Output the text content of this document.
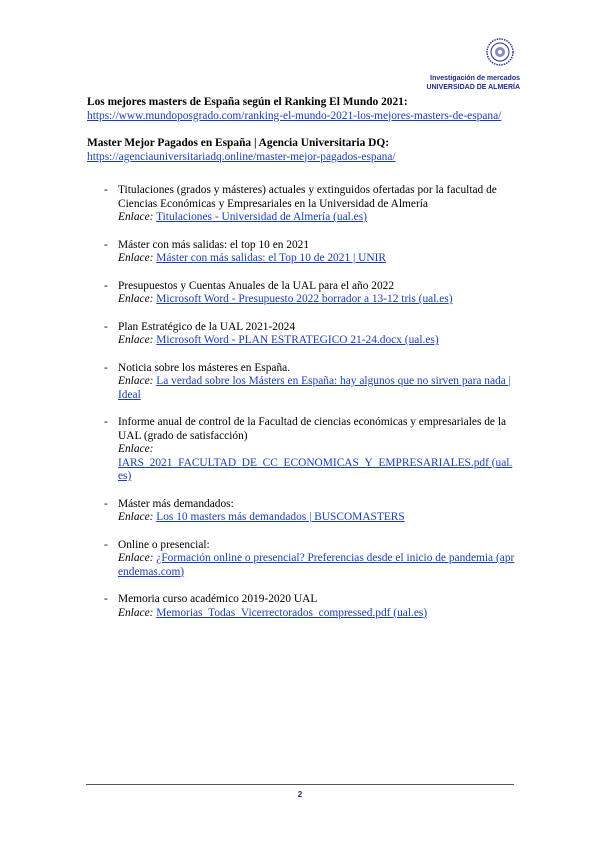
Investigación de mercados
UNIVERSIDAD DE ALMERÍA

Los mejores masters de España según el Ranking El Mundo 2021:

https://www.mundoposgrado.com/ranking-el-mundo-2021-los-mejores-masters-de-espana/

Master Mejor Pagados en España | Agencia Universitaria DQ:

https://agenciauniversitariadq.online/master-mejor-pagados-espana/
- Titulaciones (grados y másteres) actuales y extinguidos ofertadas por la facultad de Ciencias Económicas y Empresariales en la Universidad de Almería
Enlace: Titulaciones - Universidad de Almería (ual.es)
- Máster con más salidas: el top 10 en 2021
Enlace: Máster con más salidas: el Top 10 de 2021 | UNIR
- Presupuestos y Cuentas Anuales de la UAL para el año 2022
Enlace: Microsoft Word - Presupuesto 2022 borrador a 13-12 tris (ual.es)
- Plan Estratégico de la UAL 2021-2024
Enlace: Microsoft Word - PLAN ESTRATEGICO 21-24.docx (ual.es)
- Noticia sobre los másteres en España.
Enlace: La verdad sobre los Másters en España: hay algunos que no sirven para nada | Ideal
- Informe anual de control de la Facultad de ciencias económicas y empresariales de la UAL (grado de satisfacción)
Enlace:
IARS_2021_FACULTAD_DE_CC_ECONOMICAS_Y_EMPRESARIALES.pdf (ual.es)
- Máster más demandados:
Enlace: Los 10 masters más demandados | BUSCOMASTERS
- Online o presencial:
Enlace: ¿Formación online o presencial? Preferencias desde el inicio de pandemia (aprendemas.com)
- Memoria curso académico 2019-2020 UAL
Enlace: Memorias_Todas_Vicerrectorados_compressed.pdf (ual.es)
2
